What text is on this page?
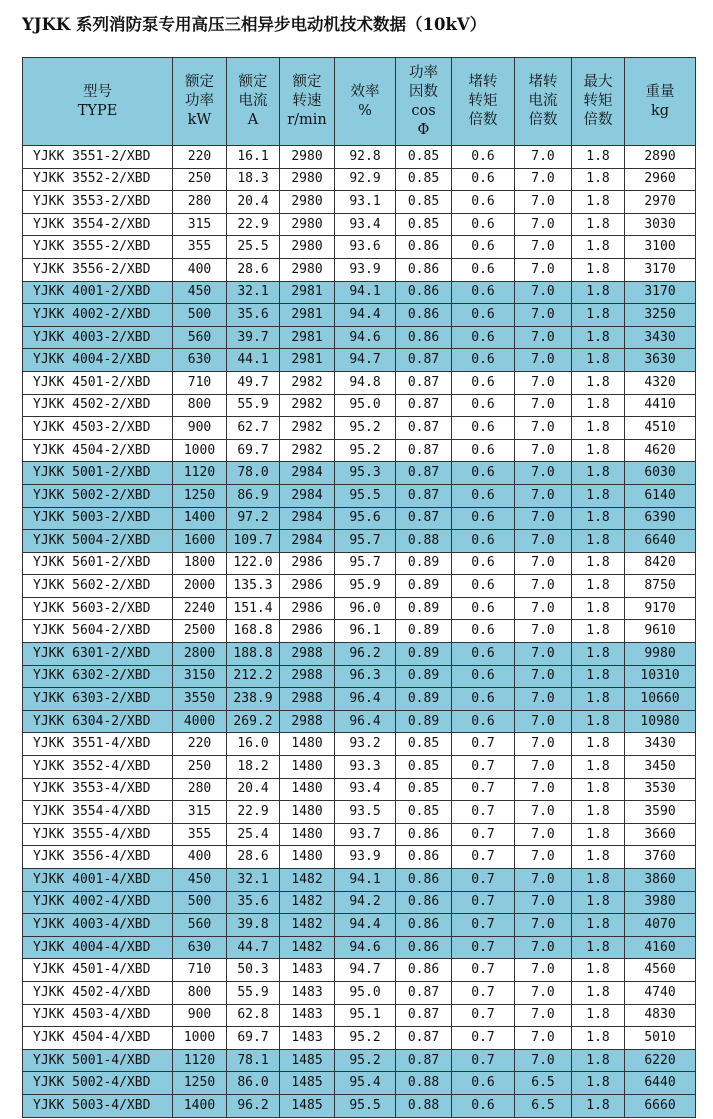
YJKK 系列消防泵专用高压三相异步电动机技术数据（10kV）
型号
TYPE	额定
功率
kW	额定
电流
A	额定
转速
r/min	效率
%	功率
因数
cos
Φ	堵转
转矩
倍数	堵转
电流
倍数	最大
转矩
倍数	重量
kg

YJKK 3551-2/XBD	220	16.1	2980	92.8	0.85	0.6	7.0	1.8	2890
YJKK 3552-2/XBD	250	18.3	2980	92.9	0.85	0.6	7.0	1.8	2960
YJKK 3553-2/XBD	280	20.4	2980	93.1	0.85	0.6	7.0	1.8	2970
YJKK 3554-2/XBD	315	22.9	2980	93.4	0.85	0.6	7.0	1.8	3030
YJKK 3555-2/XBD	355	25.5	2980	93.6	0.86	0.6	7.0	1.8	3100
YJKK 3556-2/XBD	400	28.6	2980	93.9	0.86	0.6	7.0	1.8	3170
YJKK 4001-2/XBD	450	32.1	2981	94.1	0.86	0.6	7.0	1.8	3170
YJKK 4002-2/XBD	500	35.6	2981	94.4	0.86	0.6	7.0	1.8	3250
YJKK 4003-2/XBD	560	39.7	2981	94.6	0.86	0.6	7.0	1.8	3430
YJKK 4004-2/XBD	630	44.1	2981	94.7	0.87	0.6	7.0	1.8	3630
YJKK 4501-2/XBD	710	49.7	2982	94.8	0.87	0.6	7.0	1.8	4320
YJKK 4502-2/XBD	800	55.9	2982	95.0	0.87	0.6	7.0	1.8	4410
YJKK 4503-2/XBD	900	62.7	2982	95.2	0.87	0.6	7.0	1.8	4510
YJKK 4504-2/XBD	1000	69.7	2982	95.2	0.87	0.6	7.0	1.8	4620
YJKK 5001-2/XBD	1120	78.0	2984	95.3	0.87	0.6	7.0	1.8	6030
YJKK 5002-2/XBD	1250	86.9	2984	95.5	0.87	0.6	7.0	1.8	6140
YJKK 5003-2/XBD	1400	97.2	2984	95.6	0.87	0.6	7.0	1.8	6390
YJKK 5004-2/XBD	1600	109.7	2984	95.7	0.88	0.6	7.0	1.8	6640
YJKK 5601-2/XBD	1800	122.0	2986	95.7	0.89	0.6	7.0	1.8	8420
YJKK 5602-2/XBD	2000	135.3	2986	95.9	0.89	0.6	7.0	1.8	8750
YJKK 5603-2/XBD	2240	151.4	2986	96.0	0.89	0.6	7.0	1.8	9170
YJKK 5604-2/XBD	2500	168.8	2986	96.1	0.89	0.6	7.0	1.8	9610
YJKK 6301-2/XBD	2800	188.8	2988	96.2	0.89	0.6	7.0	1.8	9980
YJKK 6302-2/XBD	3150	212.2	2988	96.3	0.89	0.6	7.0	1.8	10310
YJKK 6303-2/XBD	3550	238.9	2988	96.4	0.89	0.6	7.0	1.8	10660
YJKK 6304-2/XBD	4000	269.2	2988	96.4	0.89	0.6	7.0	1.8	10980
YJKK 3551-4/XBD	220	16.0	1480	93.2	0.85	0.7	7.0	1.8	3430
YJKK 3552-4/XBD	250	18.2	1480	93.3	0.85	0.7	7.0	1.8	3450
YJKK 3553-4/XBD	280	20.4	1480	93.4	0.85	0.7	7.0	1.8	3530
YJKK 3554-4/XBD	315	22.9	1480	93.5	0.85	0.7	7.0	1.8	3590
YJKK 3555-4/XBD	355	25.4	1480	93.7	0.86	0.7	7.0	1.8	3660
YJKK 3556-4/XBD	400	28.6	1480	93.9	0.86	0.7	7.0	1.8	3760
YJKK 4001-4/XBD	450	32.1	1482	94.1	0.86	0.7	7.0	1.8	3860
YJKK 4002-4/XBD	500	35.6	1482	94.2	0.86	0.7	7.0	1.8	3980
YJKK 4003-4/XBD	560	39.8	1482	94.4	0.86	0.7	7.0	1.8	4070
YJKK 4004-4/XBD	630	44.7	1482	94.6	0.86	0.7	7.0	1.8	4160
YJKK 4501-4/XBD	710	50.3	1483	94.7	0.86	0.7	7.0	1.8	4560
YJKK 4502-4/XBD	800	55.9	1483	95.0	0.87	0.7	7.0	1.8	4740
YJKK 4503-4/XBD	900	62.8	1483	95.1	0.87	0.7	7.0	1.8	4830
YJKK 4504-4/XBD	1000	69.7	1483	95.2	0.87	0.7	7.0	1.8	5010
YJKK 5001-4/XBD	1120	78.1	1485	95.2	0.87	0.7	7.0	1.8	6220
YJKK 5002-4/XBD	1250	86.0	1485	95.4	0.88	0.6	6.5	1.8	6440
YJKK 5003-4/XBD	1400	96.2	1485	95.5	0.88	0.6	6.5	1.8	6660
